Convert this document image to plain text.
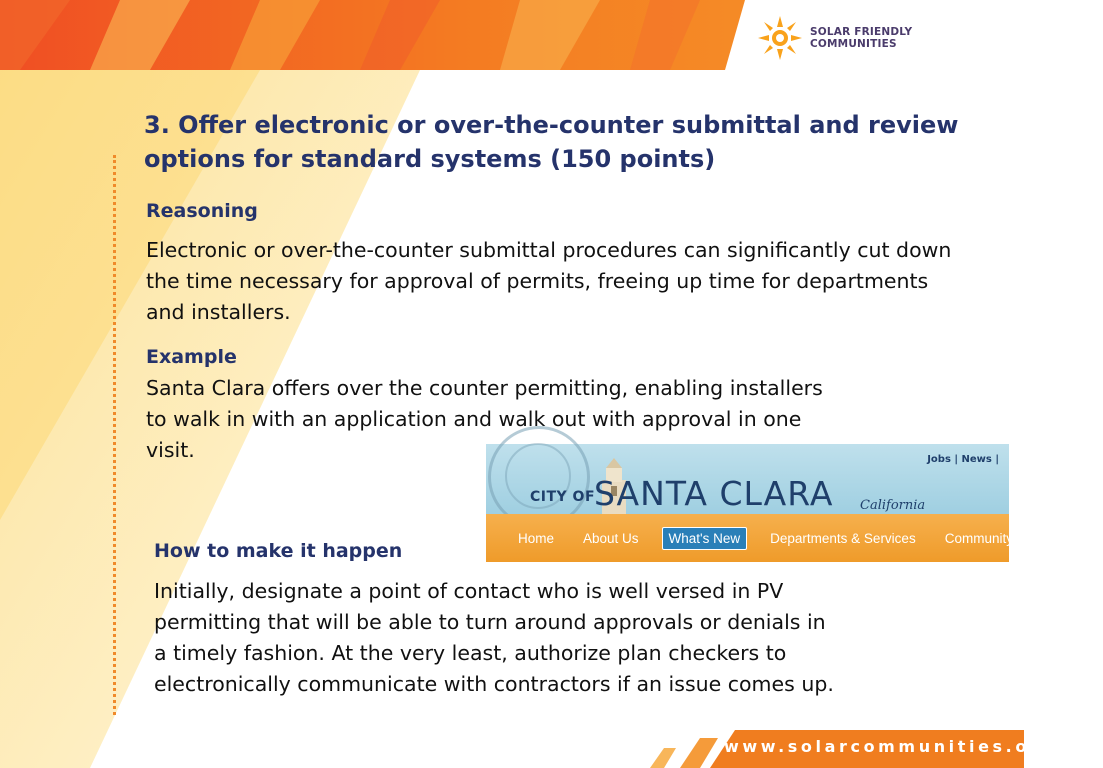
SOLAR FRIENDLY
COMMUNITIES
3. Offer electronic or over-the-counter submittal and review options for standard systems (150 points)
Reasoning
Electronic or over-the-counter submittal procedures can significantly cut down the time necessary for approval of permits, freeing up time for departments and installers.
Example
Santa Clara offers over the counter permitting, enabling installers to walk in with an application and walk out with approval in one visit.
CITY OF
SANTA CLARA California
Jobs | News |
Home	About Us	What's New	Departments & Services	Community	Business
How to make it happen
Initially, designate a point of contact who is well versed in PV permitting that will be able to turn around approvals or denials in a timely fashion. At the very least, authorize plan checkers to electronically communicate with contractors if an issue comes up.
www.solarcommunities.org
